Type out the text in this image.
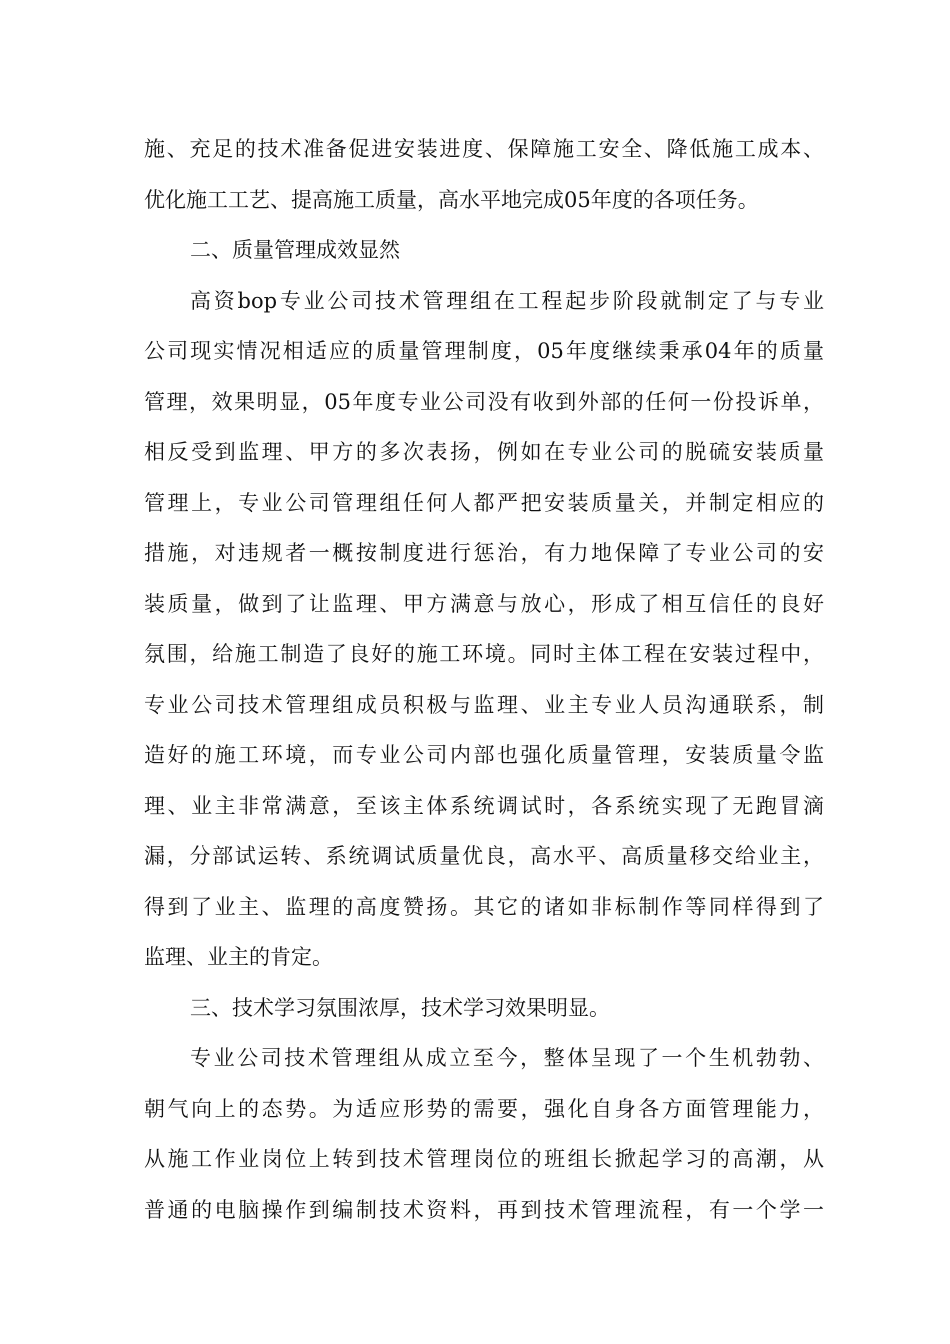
施、充足的技术准备促进安装进度、保障施工安全、降低施工成本、
优化施工工艺、提高施工质量，高水平地完成05年度的各项任务。
二、质量管理成效显然
高资bop专业公司技术管理组在工程起步阶段就制定了与专业
公司现实情况相适应的质量管理制度，05年度继续秉承04年的质量
管理，效果明显，05年度专业公司没有收到外部的任何一份投诉单，
相反受到监理、甲方的多次表扬，例如在专业公司的脱硫安装质量
管理上，专业公司管理组任何人都严把安装质量关，并制定相应的
措施，对违规者一概按制度进行惩治，有力地保障了专业公司的安
装质量，做到了让监理、甲方满意与放心，形成了相互信任的良好
氛围，给施工制造了良好的施工环境。同时主体工程在安装过程中，
专业公司技术管理组成员积极与监理、业主专业人员沟通联系，制
造好的施工环境，而专业公司内部也强化质量管理，安装质量令监
理、业主非常满意，至该主体系统调试时，各系统实现了无跑冒滴
漏，分部试运转、系统调试质量优良，高水平、高质量移交给业主，
得到了业主、监理的高度赞扬。其它的诸如非标制作等同样得到了
监理、业主的肯定。
三、技术学习氛围浓厚，技术学习效果明显。
专业公司技术管理组从成立至今，整体呈现了一个生机勃勃、
朝气向上的态势。为适应形势的需要，强化自身各方面管理能力，
从施工作业岗位上转到技术管理岗位的班组长掀起学习的高潮，从
普通的电脑操作到编制技术资料，再到技术管理流程，有一个学一
